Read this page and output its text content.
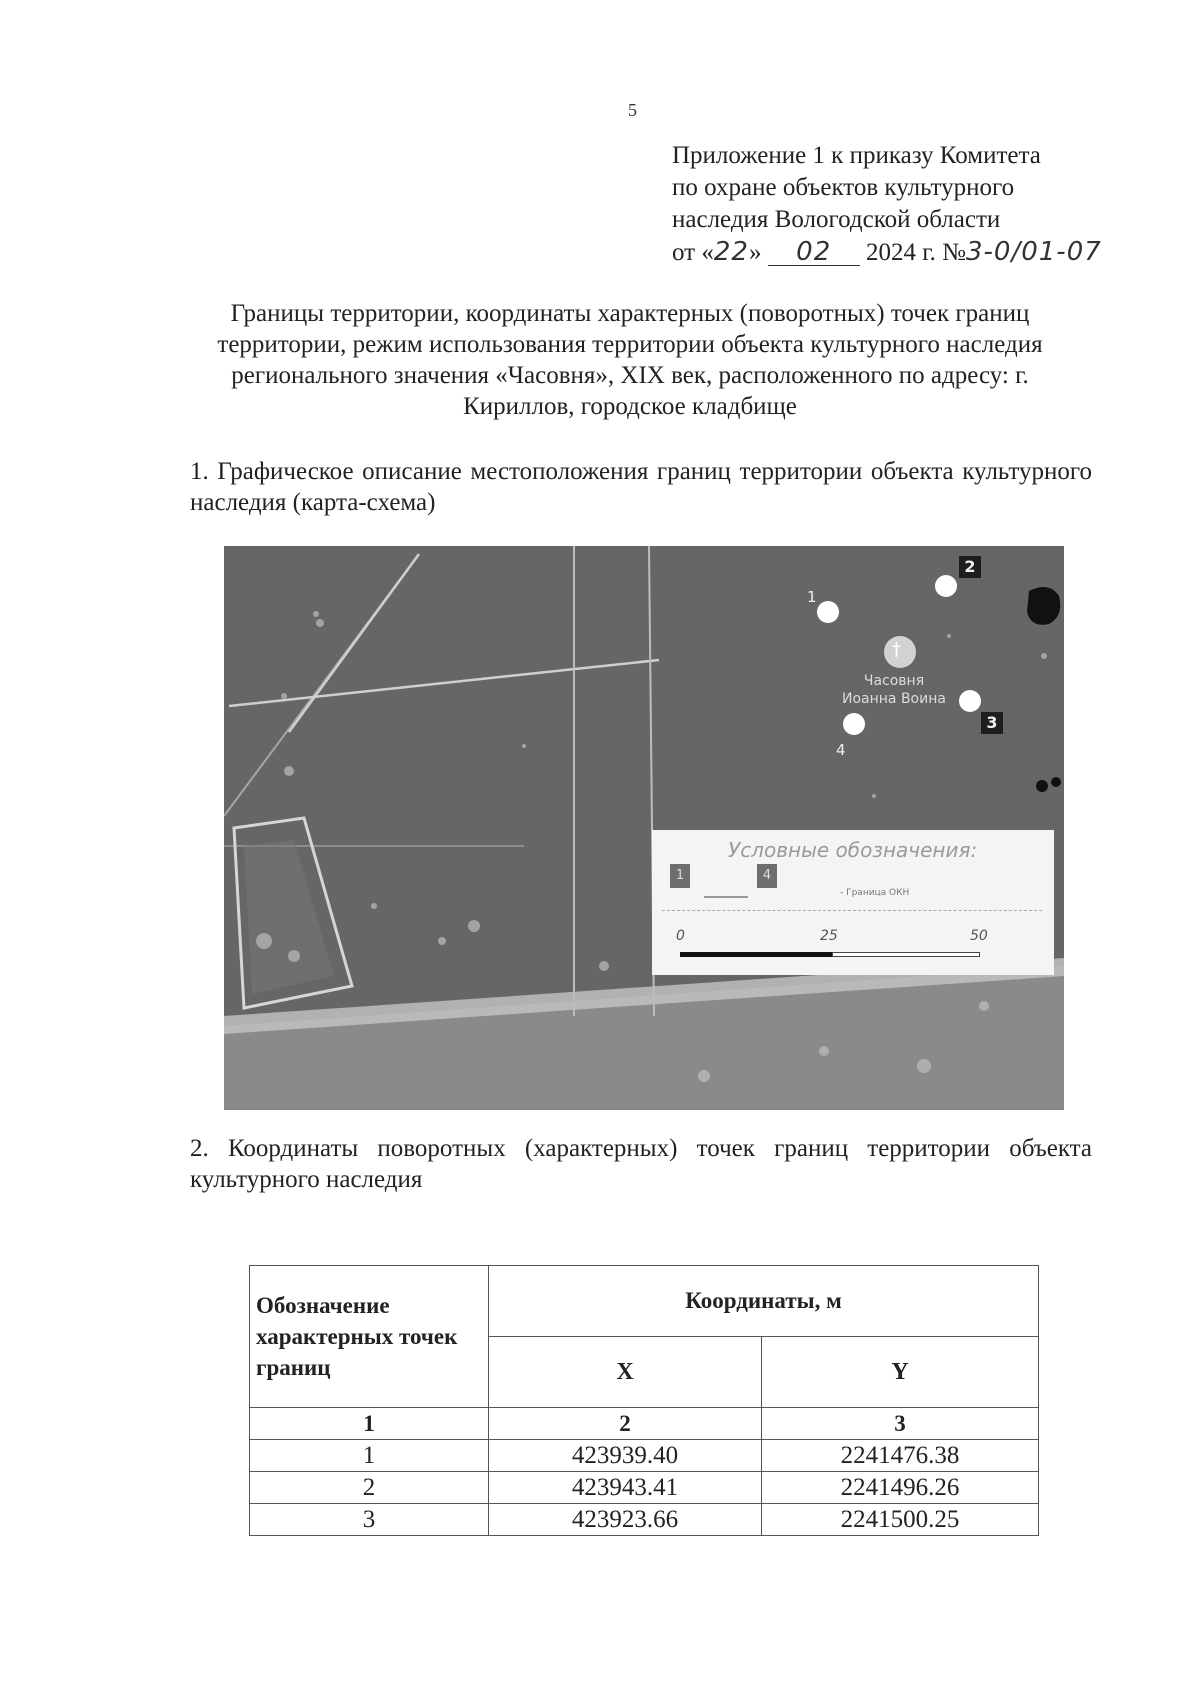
5
Приложение 1 к приказу Комитета
по охране объектов культурного
наследия Вологодской области
от «22» 02 2024 г. №3-0/01-07
Границы территории, координаты характерных (поворотных) точек границ территории, режим использования территории объекта культурного наследия регионального значения «Часовня», XIX век, расположенного по адресу: г. Кириллов, городское кладбище
1. Графическое описание местоположения границ территории объекта культурного наследия (карта-схема)
†
Часовня
Иоанна Воина
1
2
3
4
Условные обозначения:
1	4
- Граница ОКН
0	25	50
2. Координаты поворотных (характерных) точек границ территории объекта культурного наследия
Обозначение характерных точек границ	Координаты, м	
	X	Y
1	2	3
1	423939.40	2241476.38
2	423943.41	2241496.26
3	423923.66	2241500.25
